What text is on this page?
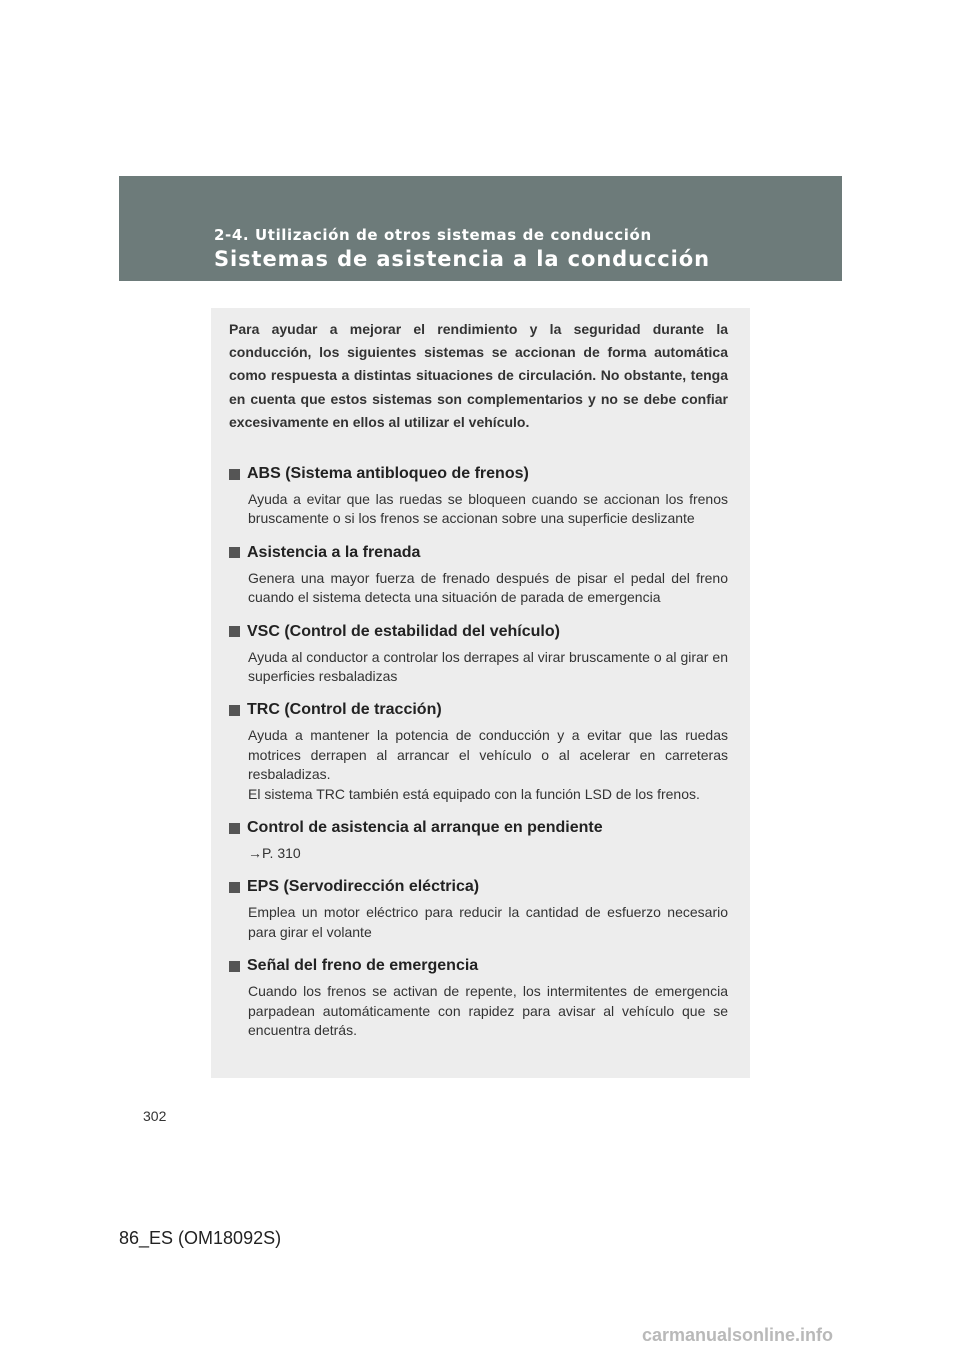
2-4. Utilización de otros sistemas de conducción
Sistemas de asistencia a la conducción

Para ayudar a mejorar el rendimiento y la seguridad durante la conducción, los siguientes sistemas se accionan de forma automática como respuesta a distintas situaciones de circulación. No obstante, tenga en cuenta que estos sistemas son complementarios y no se debe confiar excesivamente en ellos al utilizar el vehículo.

ABS (Sistema antibloqueo de frenos)

Ayuda a evitar que las ruedas se bloqueen cuando se accionan los frenos bruscamente o si los frenos se accionan sobre una superficie deslizante

Asistencia a la frenada

Genera una mayor fuerza de frenado después de pisar el pedal del freno cuando el sistema detecta una situación de parada de emergencia

VSC (Control de estabilidad del vehículo)

Ayuda al conductor a controlar los derrapes al virar bruscamente o al girar en superficies resbaladizas

TRC (Control de tracción)

Ayuda a mantener la potencia de conducción y a evitar que las ruedas motrices derrapen al arrancar el vehículo o al acelerar en carreteras resbaladizas.

El sistema TRC también está equipado con la función LSD de los frenos.

Control de asistencia al arranque en pendiente

→P. 310

EPS (Servodirección eléctrica)

Emplea un motor eléctrico para reducir la cantidad de esfuerzo necesario para girar el volante

Señal del freno de emergencia

Cuando los frenos se activan de repente, los intermitentes de emergencia parpadean automáticamente con rapidez para avisar al vehículo que se encuentra detrás.

302
86_ES (OM18092S)
carmanualsonline.info
